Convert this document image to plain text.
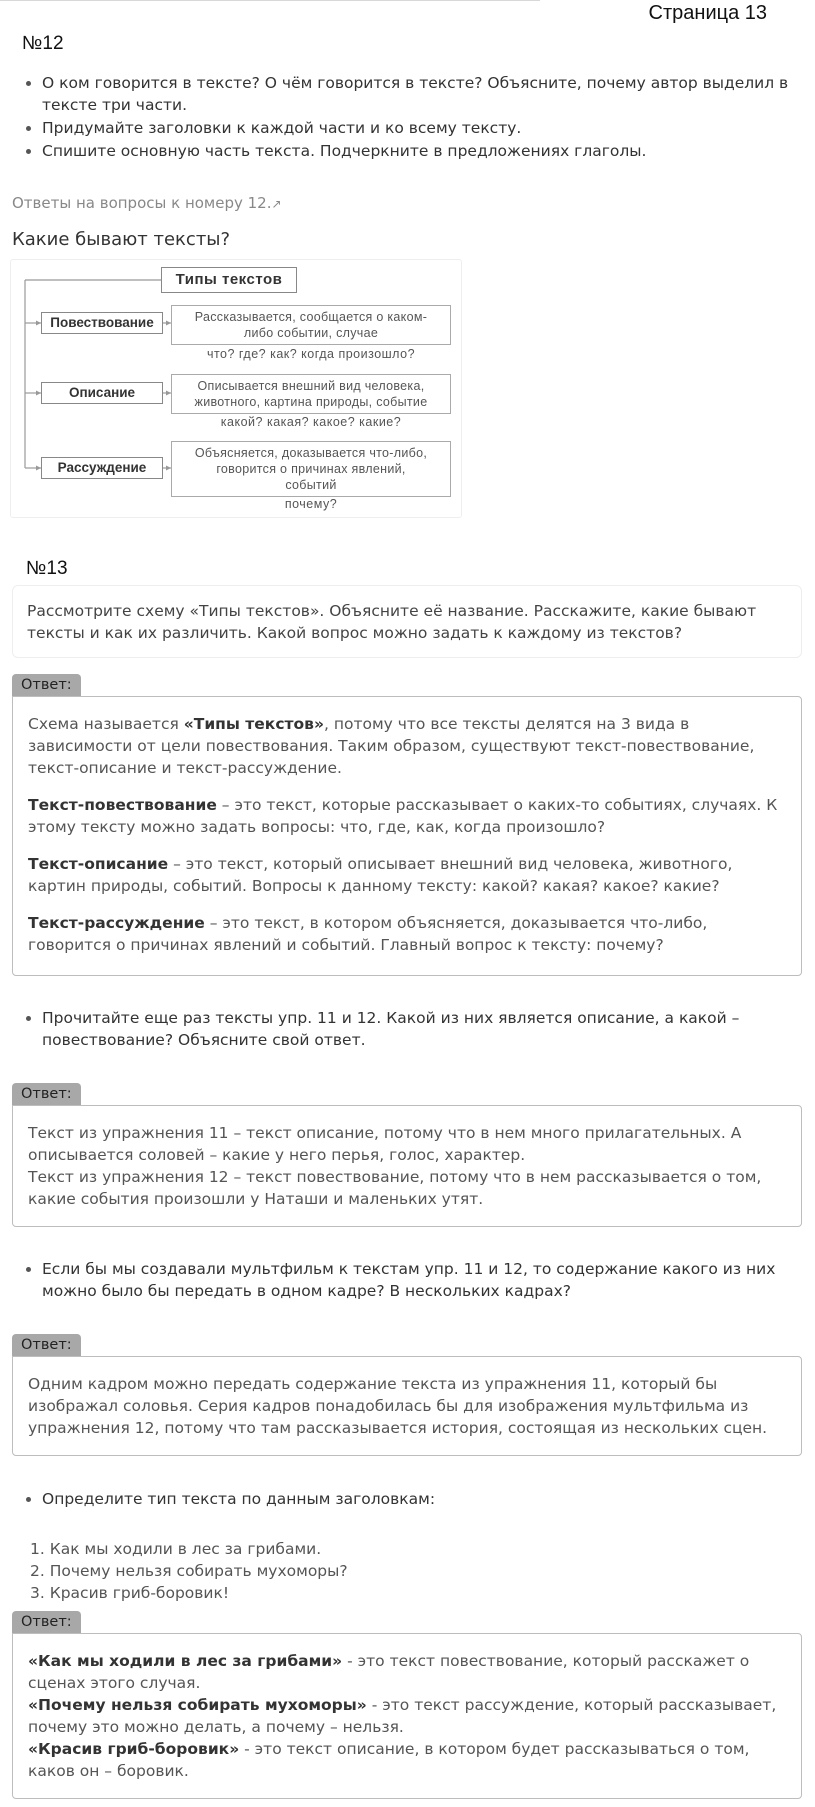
Страница 13
№12
О ком говорится в тексте? О чём говорится в тексте? Объясните, почему автор выделил в тексте три части.
Придумайте заголовки к каждой части и ко всему тексту.
Спишите основную часть текста. Подчеркните в предложениях глаголы.
Ответы на вопросы к номеру 12.↗
Какие бывают тексты?
Типы текстов
Повествование	Рассказывается, сообщается о каком-
либо событии, случае
что? где? как? когда произошло?
Описание	Описывается внешний вид человека,
животного, картина природы, событие
какой? какая? какое? какие?
Рассуждение
Объясняется, доказывается что-либо,
говорится о причинах явлений,
событий
почему?
№13
Рассмотрите схему «Типы текстов». Объясните её название. Расскажите, какие бывают тексты и как их различить. Какой вопрос можно задать к каждому из текстов?
Ответ:

Схема называется «Типы текстов», потому что все тексты делятся на 3 вида в зависимости от цели повествования. Таким образом, существуют текст-повествование, текст-описание и текст-рассуждение.

Текст-повествование – это текст, которые рассказывает о каких-то событиях, случаях. К этому тексту можно задать вопросы: что, где, как, когда произошло?

Текст-описание – это текст, который описывает внешний вид человека, животного, картин природы, событий. Вопросы к данному тексту: какой? какая? какое? какие?

Текст-рассуждение – это текст, в котором объясняется, доказывается что-либо, говорится о причинах явлений и событий. Главный вопрос к тексту: почему?

Прочитайте еще раз тексты упр. 11 и 12. Какой из них является описание, а какой – повествование? Объясните свой ответ.
Ответ:
Текст из упражнения 11 – текст описание, потому что в нем много прилагательных. А описывается соловей – какие у него перья, голос, характер.
Текст из упражнения 12 – текст повествование, потому что в нем рассказывается о том, какие события произошли у Наташи и маленьких утят.
Если бы мы создавали мультфильм к текстам упр. 11 и 12, то содержание какого из них можно было бы передать в одном кадре? В нескольких кадрах?
Ответ:
Одним кадром можно передать содержание текста из упражнения 11, который бы изображал соловья. Серия кадров понадобилась бы для изображения мультфильма из упражнения 12, потому что там рассказывается история, состоящая из нескольких сцен.
Определите тип текста по данным заголовкам:
1. Как мы ходили в лес за грибами.
2. Почему нельзя собирать мухоморы?
3. Красив гриб-боровик!
Ответ:
«Как мы ходили в лес за грибами» - это текст повествование, который расскажет о сценах этого случая.
«Почему нельзя собирать мухоморы» - это текст рассуждение, который рассказывает, почему это можно делать, а почему – нельзя.
«Красив гриб-боровик» - это текст описание, в котором будет рассказываться о том, каков он – боровик.
